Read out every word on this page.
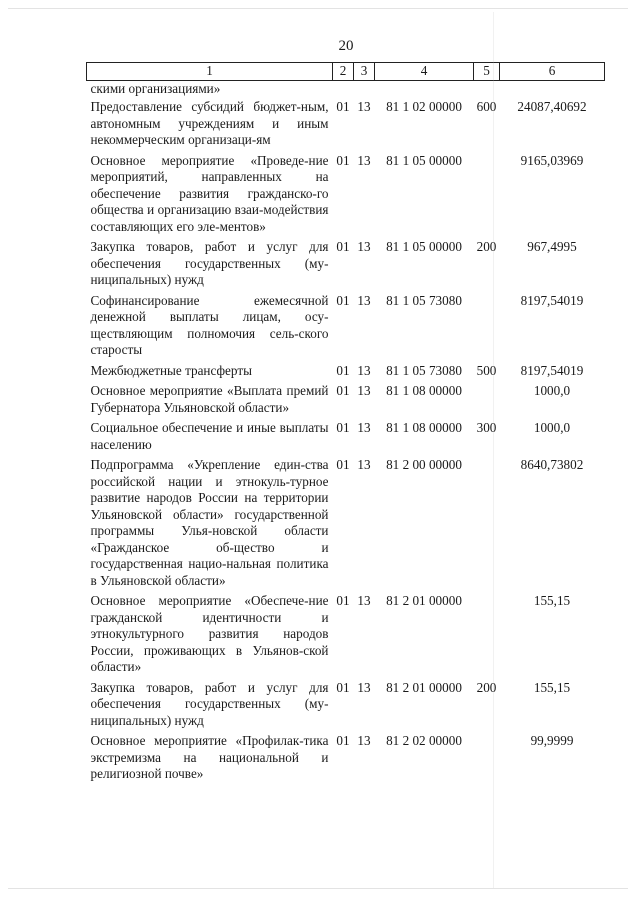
20
1	2	3	4	5	6
скими организациями»					
Предоставление субсидий бюджет-ным, автономным учреждениям и иным некоммерческим организаци-ям	01	13	81 1 02 00000	600	24087,40692
Основное мероприятие «Проведе-ние мероприятий, направленных на обеспечение развития гражданско-го общества и организацию взаи-модействия составляющих его эле-ментов»	01	13	81 1 05 00000		9165,03969
Закупка товаров, работ и услуг для обеспечения государственных (му-ниципальных) нужд	01	13	81 1 05 00000	200	967,4995
Софинансирование ежемесячной денежной выплаты лицам, осу-ществляющим полномочия сель-ского старосты	01	13	81 1 05 73080		8197,54019
Межбюджетные трансферты	01	13	81 1 05 73080	500	8197,54019
Основное мероприятие «Выплата премий Губернатора Ульяновской области»	01	13	81 1 08 00000		1000,0
Социальное обеспечение и иные выплаты населению	01	13	81 1 08 00000	300	1000,0
Подпрограмма «Укрепление един-ства российской нации и этнокуль-турное развитие народов России на территории Ульяновской области» государственной программы Улья-новской области «Гражданское об-щество и государственная нацио-нальная политика в Ульяновской области»	01	13	81 2 00 00000		8640,73802
Основное мероприятие «Обеспече-ние гражданской идентичности и этнокультурного развития народов России, проживающих в Ульянов-ской области»	01	13	81 2 01 00000		155,15
Закупка товаров, работ и услуг для обеспечения государственных (му-ниципальных) нужд	01	13	81 2 01 00000	200	155,15
Основное мероприятие «Профилак-тика экстремизма на национальной и религиозной почве»	01	13	81 2 02 00000		99,9999
